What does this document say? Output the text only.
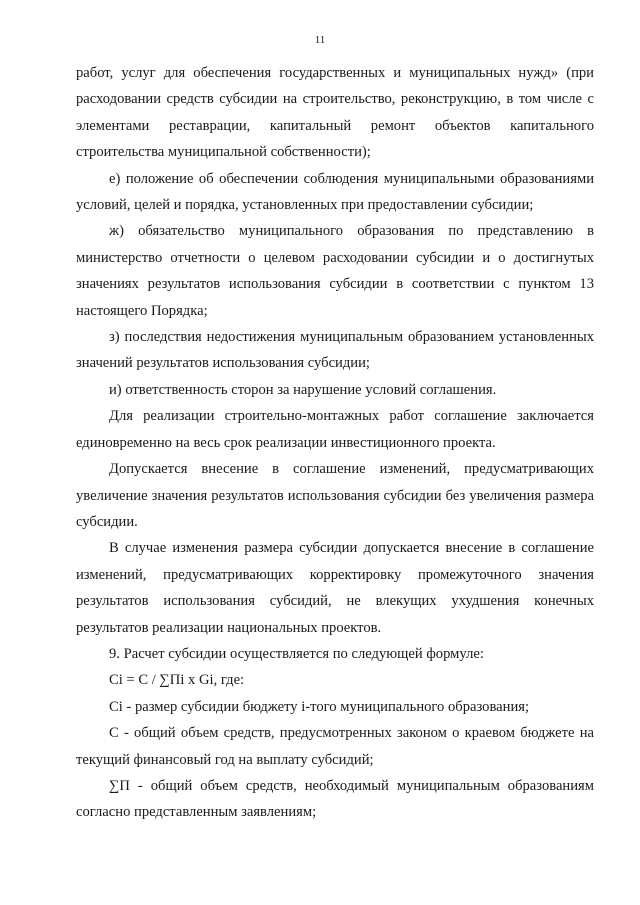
11

работ, услуг для обеспечения государственных и муниципальных нужд» (при расходовании средств субсидии на строительство, реконструкцию, в том числе с элементами реставрации, капитальный ремонт объектов капитального строительства муниципальной собственности);

е) положение об обеспечении соблюдения муниципальными образованиями условий, целей и порядка, установленных при предоставлении субсидии;

ж) обязательство муниципального образования по представлению в министерство отчетности о целевом расходовании субсидии и о достигнутых значениях результатов использования субсидии в соответствии с пунктом 13 настоящего Порядка;

з) последствия недостижения муниципальным образованием установленных значений результатов использования субсидии;

и) ответственность сторон за нарушение условий соглашения.

Для реализации строительно-монтажных работ соглашение заключается единовременно на весь срок реализации инвестиционного проекта.

Допускается внесение в соглашение изменений, предусматривающих увеличение значения результатов использования субсидии без увеличения размера субсидии.

В случае изменения размера субсидии допускается внесение в соглашение изменений, предусматривающих корректировку промежуточного значения результатов использования субсидий, не влекущих ухудшения конечных результатов реализации национальных проектов.

9. Расчет субсидии осуществляется по следующей формуле:

Ci = C / ∑Пi x Gi, где:

Ci - размер субсидии бюджету i-того муниципального образования;

C - общий объем средств, предусмотренных законом о краевом бюджете на текущий финансовый год на выплату субсидий;

∑П - общий объем средств, необходимый муниципальным образованиям согласно представленным заявлениям;
